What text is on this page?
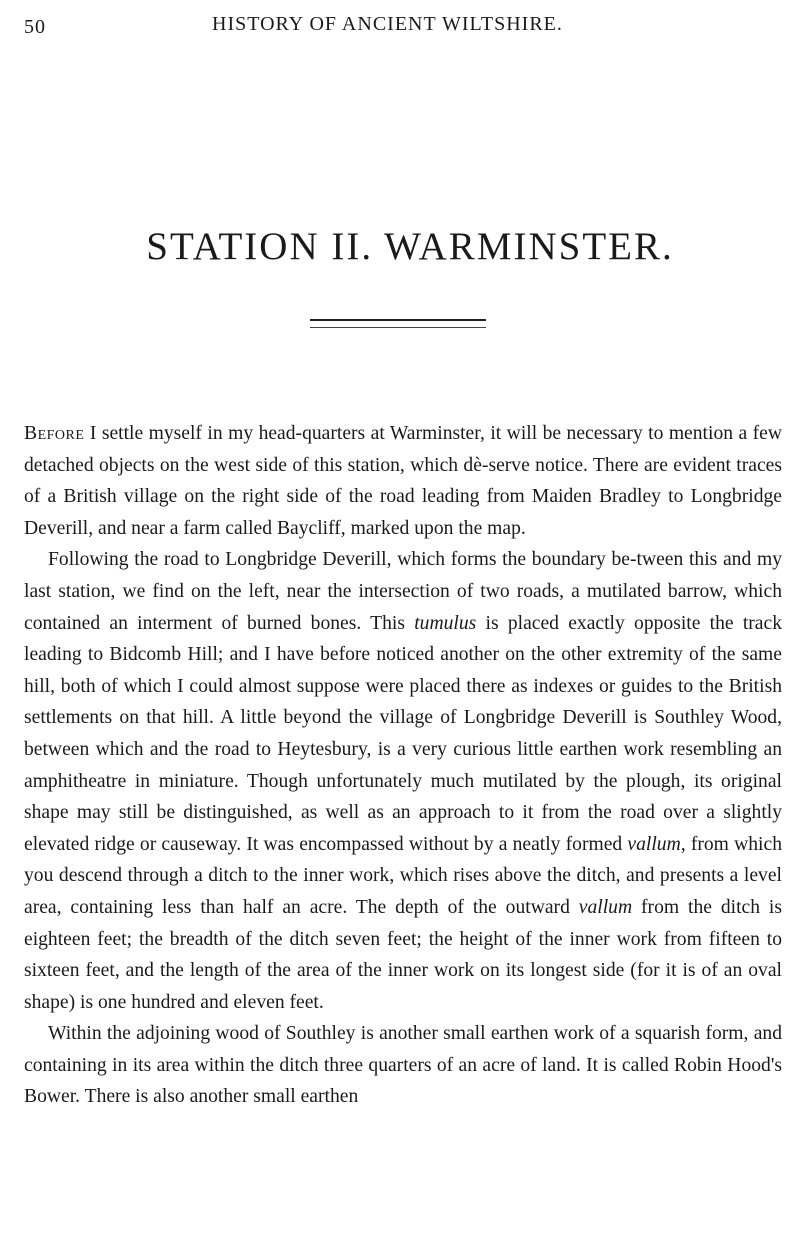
50	HISTORY OF ANCIENT WILTSHIRE.
STATION II. WARMINSTER.

Before I settle myself in my head-quarters at Warminster, it will be necessary to mention a few detached objects on the west side of this station, which dè-serve notice. There are evident traces of a British village on the right side of the road leading from Maiden Bradley to Longbridge Deverill, and near a farm called Baycliff, marked upon the map.

Following the road to Longbridge Deverill, which forms the boundary be-tween this and my last station, we find on the left, near the intersection of two roads, a mutilated barrow, which contained an interment of burned bones. This tumulus is placed exactly opposite the track leading to Bidcomb Hill; and I have before noticed another on the other extremity of the same hill, both of which I could almost suppose were placed there as indexes or guides to the British settlements on that hill. A little beyond the village of Longbridge Deverill is Southley Wood, between which and the road to Heytesbury, is a very curious little earthen work resembling an amphitheatre in miniature. Though unfortunately much mutilated by the plough, its original shape may still be distinguished, as well as an approach to it from the road over a slightly elevated ridge or causeway. It was encompassed without by a neatly formed vallum, from which you descend through a ditch to the inner work, which rises above the ditch, and presents a level area, containing less than half an acre. The depth of the outward vallum from the ditch is eighteen feet; the breadth of the ditch seven feet; the height of the inner work from fifteen to sixteen feet, and the length of the area of the inner work on its longest side (for it is of an oval shape) is one hundred and eleven feet.

Within the adjoining wood of Southley is another small earthen work of a squarish form, and containing in its area within the ditch three quarters of an acre of land. It is called Robin Hood's Bower. There is also another small earthen
